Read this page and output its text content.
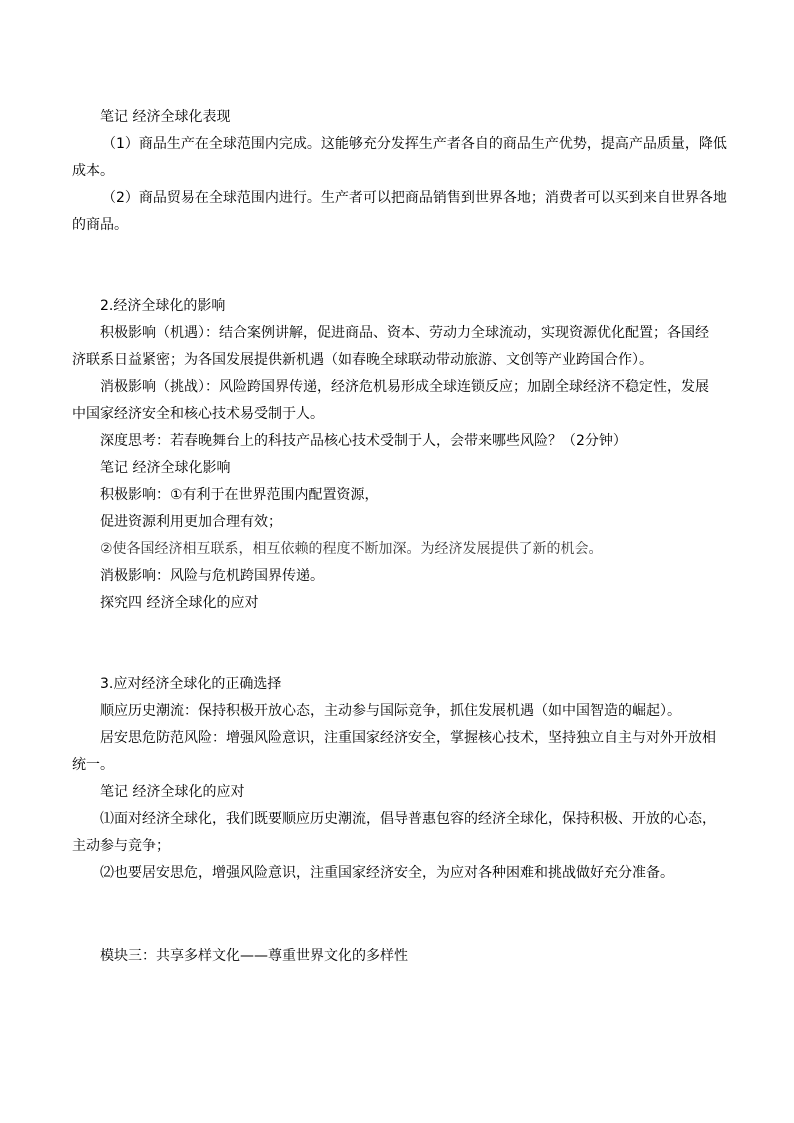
笔记 经济全球化表现

（1）商品生产在全球范围内完成。这能够充分发挥生产者各自的商品生产优势，提高产品质量，降低

成本。

（2）商品贸易在全球范围内进行。生产者可以把商品销售到世界各地；消费者可以买到来自世界各地

的商品。

2.经济全球化的影响

积极影响（机遇）：结合案例讲解，促进商品、资本、劳动力全球流动，实现资源优化配置；各国经

济联系日益紧密；为各国发展提供新机遇（如春晚全球联动带动旅游、文创等产业跨国合作）。

消极影响（挑战）：风险跨国界传递，经济危机易形成全球连锁反应；加剧全球经济不稳定性，发展

中国家经济安全和核心技术易受制于人。

深度思考：若春晚舞台上的科技产品核心技术受制于人，会带来哪些风险？（2分钟）

笔记 经济全球化影响

积极影响：①有利于在世界范围内配置资源，

促进资源利用更加合理有效；

②使各国经济相互联系，相互依赖的程度不断加深。为经济发展提供了新的机会。

消极影响：风险与危机跨国界传递。

探究四 经济全球化的应对

3.应对经济全球化的正确选择

顺应历史潮流：保持积极开放心态，主动参与国际竞争，抓住发展机遇（如中国智造的崛起）。

居安思危防范风险：增强风险意识，注重国家经济安全，掌握核心技术，坚持独立自主与对外开放相

统一。

笔记 经济全球化的应对

⑴面对经济全球化，我们既要顺应历史潮流，倡导普惠包容的经济全球化，保持积极、开放的心态，

主动参与竞争；

⑵也要居安思危，增强风险意识，注重国家经济安全，为应对各种困难和挑战做好充分准备。

模块三：共享多样文化——尊重世界文化的多样性
